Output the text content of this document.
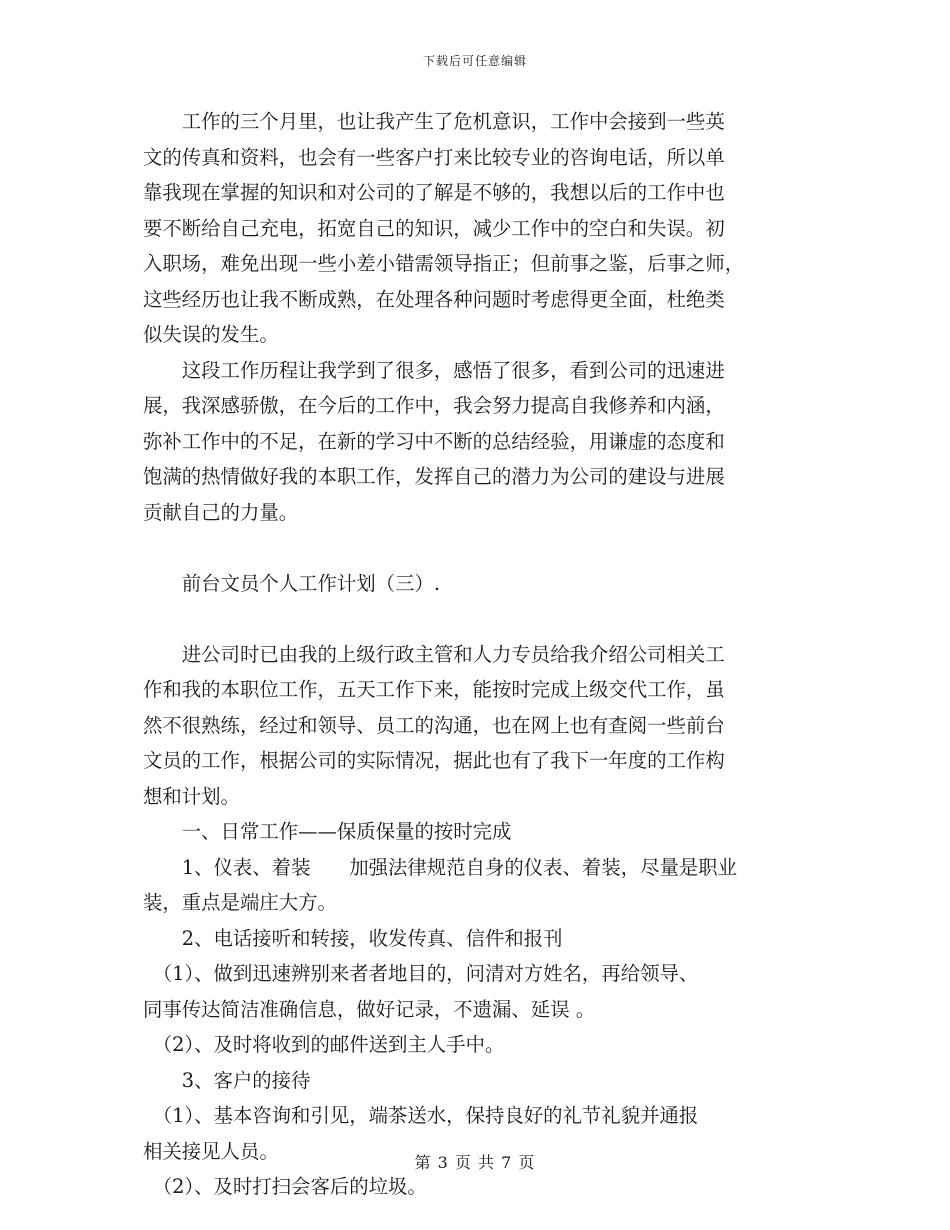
下载后可任意编辑
　　工作的三个月里，也让我产生了危机意识，工作中会接到一些英
文的传真和资料，也会有一些客户打来比较专业的咨询电话，所以单
靠我现在掌握的知识和对公司的了解是不够的，我想以后的工作中也
要不断给自己充电，拓宽自己的知识，减少工作中的空白和失误。初
入职场，难免出现一些小差小错需领导指正；但前事之鉴，后事之师，
这些经历也让我不断成熟，在处理各种问题时考虑得更全面，杜绝类
似失误的发生。
　　这段工作历程让我学到了很多，感悟了很多，看到公司的迅速进
展，我深感骄傲，在今后的工作中，我会努力提高自我修养和内涵，
弥补工作中的不足，在新的学习中不断的总结经验，用谦虚的态度和
饱满的热情做好我的本职工作，发挥自己的潜力为公司的建设与进展
贡献自己的力量。
　　前台文员个人工作计划（三）.
　　进公司时已由我的上级行政主管和人力专员给我介绍公司相关工
作和我的本职位工作，五天工作下来，能按时完成上级交代工作，虽
然不很熟练，经过和领导、员工的沟通，也在网上也有查阅一些前台
文员的工作，根据公司的实际情况，据此也有了我下一年度的工作构
想和计划。
　　一、日常工作——保质保量的按时完成
　　1、仪表、着装　　加强法律规范自身的仪表、着装，尽量是职业
装，重点是端庄大方。
　　2、电话接听和转接，收发传真、信件和报刊
　（1）、做到迅速辨别来者者地目的，问清对方姓名，再给领导、
同事传达简洁准确信息，做好记录，不遗漏、延误 。
　（2）、及时将收到的邮件送到主人手中。
　　3、客户的接待
　（1）、基本咨询和引见，端茶送水，保持良好的礼节礼貌并通报
相关接见人员。
　（2）、及时打扫会客后的垃圾。
第 3 页 共 7 页
